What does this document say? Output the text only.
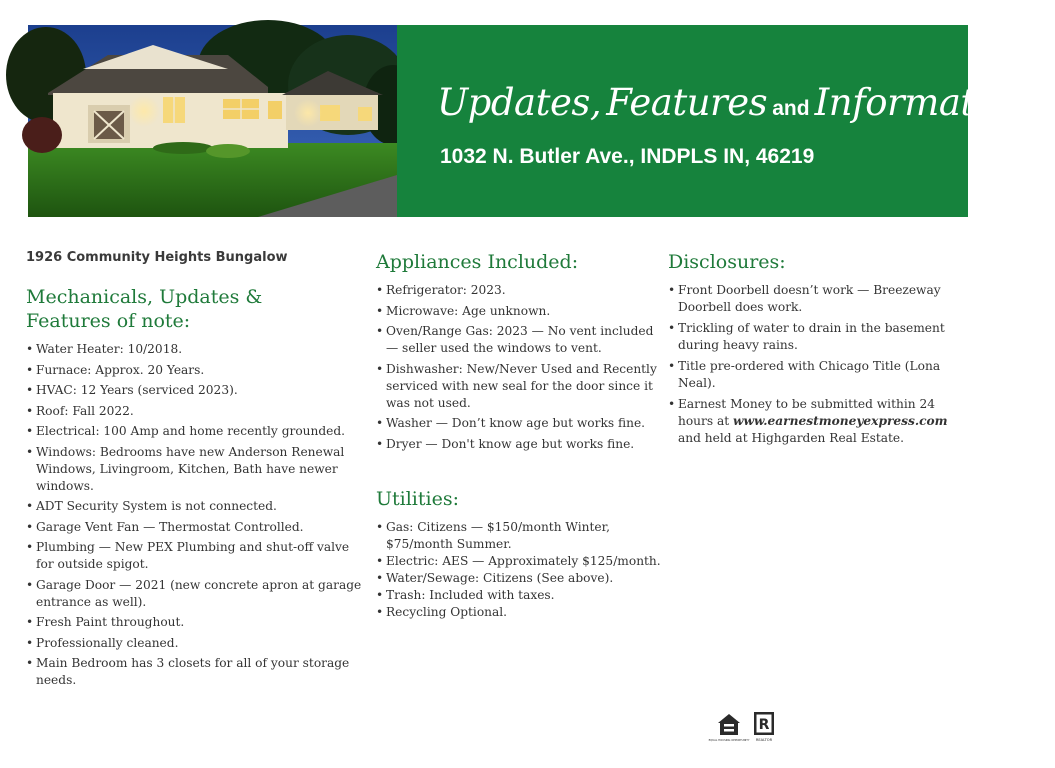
Updates, Features and Information at
1032 N. Butler Ave., INDPLS IN, 46219
1926 Community Heights Bungalow
Mechanicals, Updates &
Features of note:
• Water Heater: 10/2018.
• Furnace: Approx. 20 Years.
• HVAC: 12 Years (serviced 2023).
• Roof: Fall 2022.
• Electrical: 100 Amp and home recently grounded.
• Windows: Bedrooms have new Anderson Renewal Windows, Livingroom, Kitchen, Bath have newer windows.
• ADT Security System is not connected.
• Garage Vent Fan — Thermostat Controlled.
• Plumbing — New PEX Plumbing and shut-off valve for outside spigot.
• Garage Door — 2021 (new concrete apron at garage entrance as well).
• Fresh Paint throughout.
• Professionally cleaned.
• Main Bedroom has 3 closets for all of your storage needs.
Appliances Included:
• Refrigerator: 2023.
• Microwave: Age unknown.
• Oven/Range Gas: 2023 — No vent included — seller used the windows to vent.
• Dishwasher: New/Never Used and Recently serviced with new seal for the door since it was not used.
• Washer — Don’t know age but works fine.
• Dryer — Don't know age but works fine.
Utilities:
• Gas: Citizens — $150/month Winter, $75/month Summer.
• Electric: AES — Approximately $125/month.
• Water/Sewage: Citizens (See above).
• Trash: Included with taxes.
• Recycling Optional.
Disclosures:
• Front Doorbell doesn’t work — Breezeway Doorbell does work.
• Trickling of water to drain in the basement during heavy rains.
• Title pre-ordered with Chicago Title (Lona Neal).
• Earnest Money to be submitted within 24 hours at www.earnestmoneyexpress.com and held at Highgarden Real Estate.
EQUAL HOUSING OPPORTUNITY
R
REALTOR
